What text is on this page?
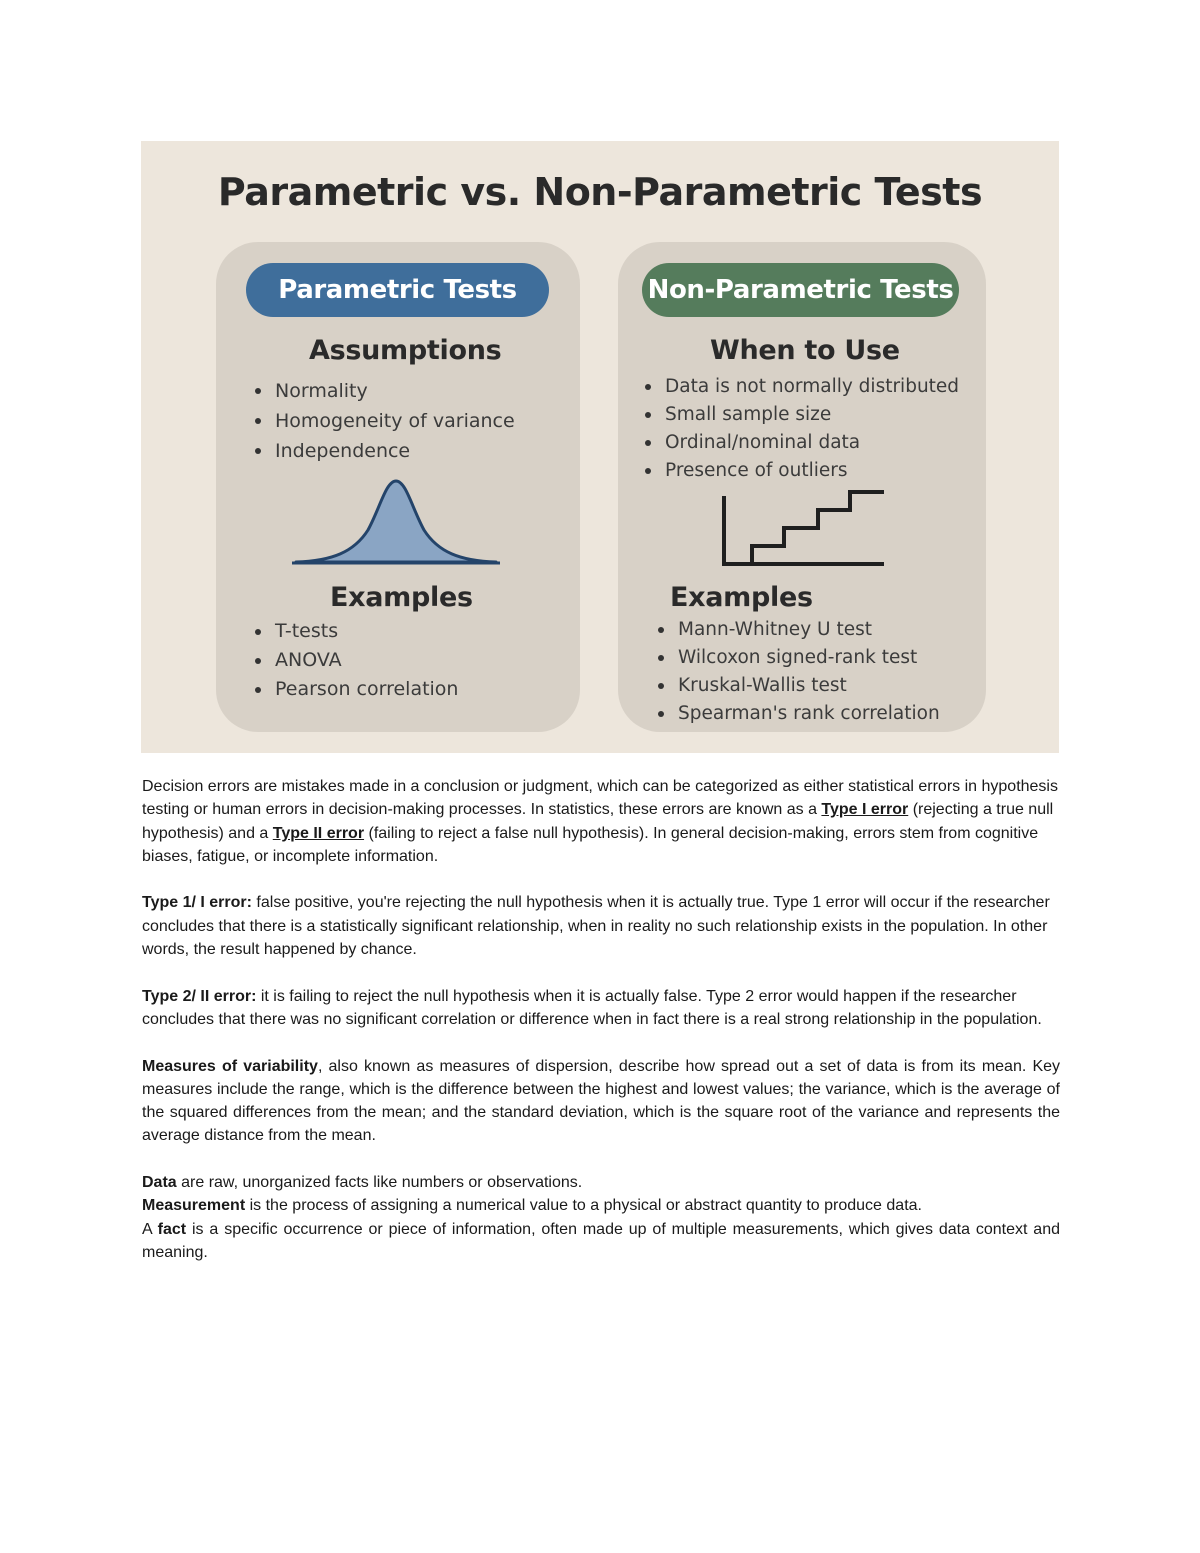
Parametric vs. Non-Parametric Tests
Parametric Tests	Non-Parametric Tests
Assumptions
Normality
Homogeneity of variance
Independence
Examples
T-tests
ANOVA
Pearson correlation
When to Use
Data is not normally distributed
Small sample size
Ordinal/nominal data
Presence of outliers
Examples
Mann-Whitney U test
Wilcoxon signed-rank test
Kruskal-Wallis test
Spearman's rank correlation

Decision errors are mistakes made in a conclusion or judgment, which can be categorized as either statistical errors in hypothesis testing or human errors in decision-making processes. In statistics, these errors are known as a Type I error (rejecting a true null hypothesis) and a Type II error (failing to reject a false null hypothesis). In general decision-making, errors stem from cognitive biases, fatigue, or incomplete information.

Type 1/ I error: false positive, you're rejecting the null hypothesis when it is actually true. Type 1 error will occur if the researcher concludes that there is a statistically significant relationship, when in reality no such relationship exists in the population. In other words, the result happened by chance.

Type 2/ II error: it is failing to reject the null hypothesis when it is actually false. Type 2 error would happen if the researcher concludes that there was no significant correlation or difference when in fact there is a real strong relationship in the population.

Measures of variability, also known as measures of dispersion, describe how spread out a set of data is from its mean. Key measures include the range, which is the difference between the highest and lowest values; the variance, which is the average of the squared differences from the mean; and the standard deviation, which is the square root of the variance and represents the average distance from the mean.

Data are raw, unorganized facts like numbers or observations.

Measurement is the process of assigning a numerical value to a physical or abstract quantity to produce data.

A fact is a specific occurrence or piece of information, often made up of multiple measurements, which gives data context and meaning.
